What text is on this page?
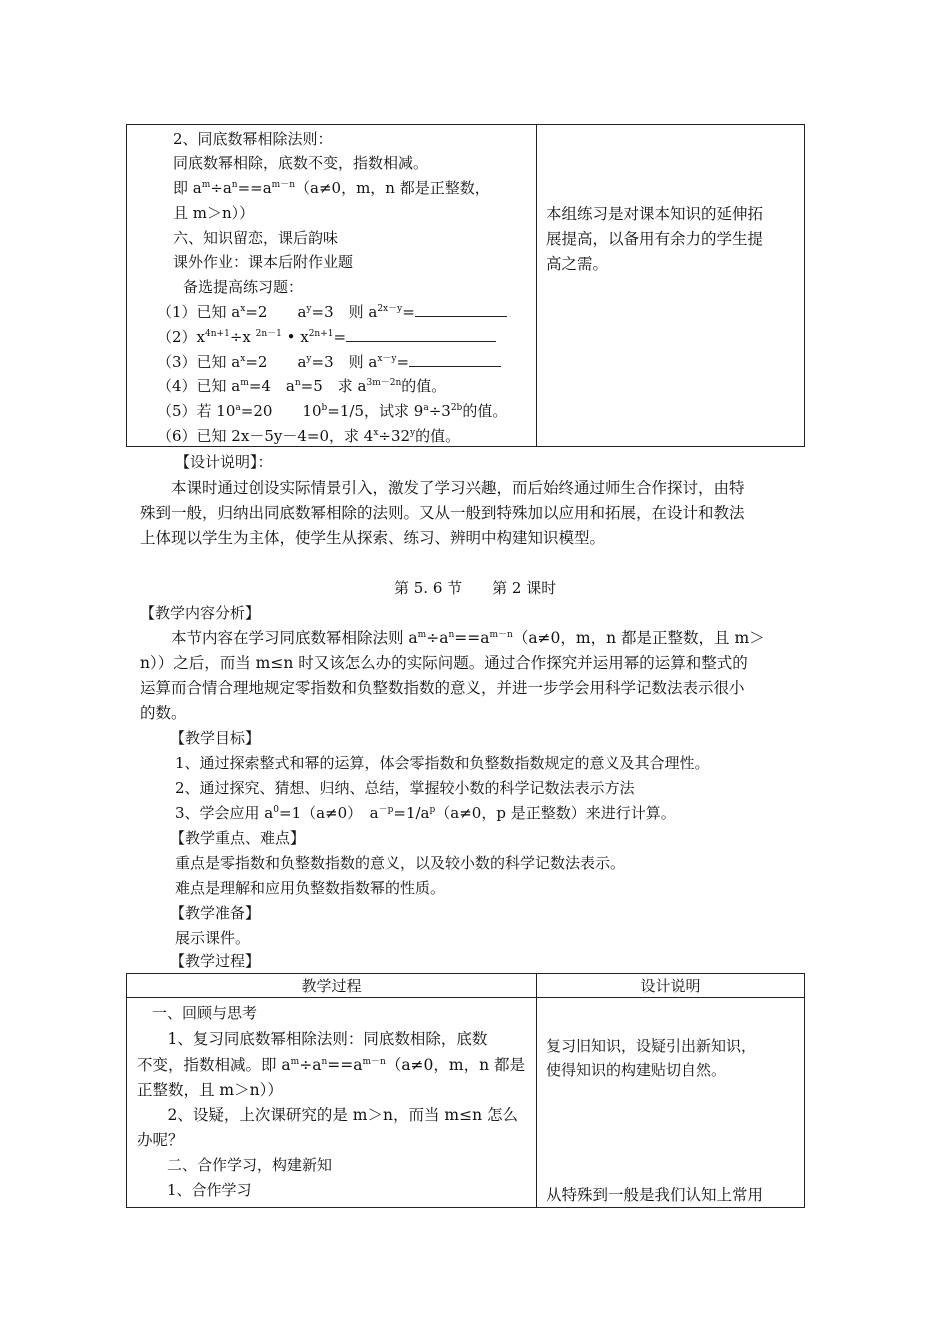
2、同底数幂相除法则：
同底数幂相除，底数不变，指数相减。
即 $a^m\div a^n==a^{m-n}(a\ne 0$，m，n 都是正整数，
且 m＞n））
六、知识留恋，课后韵味
课外作业：课本后附作业题
备选提高练习题：
（1）已知 $a^x=2$　　$a^y=3$　则 $a^{2x-y}=$
$(2)x^{4n+1}\div x$ $^{2n-1}$ • $x^{2n+1}=$
（3）已知 $a^x=2$　　$a^y=3$　则 $a^{x-y}=$
（4）已知 $a^m=4$　$a^n=5$　求 $a^{3m-2n}$的值。
（5）若 $10^a=20$　　$10^b=1/5$，试求 $9^a\div 3^{2b}$的值。
（6）已知 2x－5y－4=0，求 $4^x\div 32^y$的值。
本组练习是对课本知识的延伸拓
展提高，以备用有余力的学生提
高之需。
【设计说明】：
　　本课时通过创设实际情景引入，激发了学习兴趣，而后始终通过师生合作探讨，由特
殊到一般，归纳出同底数幂相除的法则。又从一般到特殊加以应用和拓展，在设计和教法
上体现以学生为主体，使学生从探索、练习、辨明中构建知识模型。
第 5. 6 节　　第 2 课时
【教学内容分析】
　　本节内容在学习同底数幂相除法则 $a^m\div a^n==a^{m-n}(a\ne 0$，m，n 都是正整数，且 m＞
n））之后，而当 m≤n 时又该怎么办的实际问题。通过合作探究并运用幂的运算和整式的
运算而合情合理地规定零指数和负整数指数的意义，并进一步学会用科学记数法表示很小
的数。
【教学目标】
1、通过探索整式和幂的运算，体会零指数和负整数指数规定的意义及其合理性。
2、通过探究、猜想、归纳、总结，掌握较小数的科学记数法表示方法
3、学会应用 $a^0=1(a\ne 0)$　$a^{-p}=1/a^p(a\ne 0$，p 是正整数）来进行计算。
【教学重点、难点】
重点是零指数和负整数指数的意义，以及较小数的科学记数法表示。
难点是理解和应用负整数指数幂的性质。
【教学准备】
展示课件。
【教学过程】
教学过程	设计说明
一、回顾与思考
　1、复习同底数幂相除法则：同底数相除，底数
不变，指数相减。即 $a^m\div a^n==a^{m-n}(a\ne 0$，m，n 都是
正整数，且 m＞n））
　2、设疑，上次课研究的是 m＞n，而当 m≤n 怎么
办呢？
　二、合作学习，构建新知
　1、合作学习
复习旧知识，设疑引出新知识，
使得知识的构建贴切自然。
从特殊到一般是我们认知上常用
